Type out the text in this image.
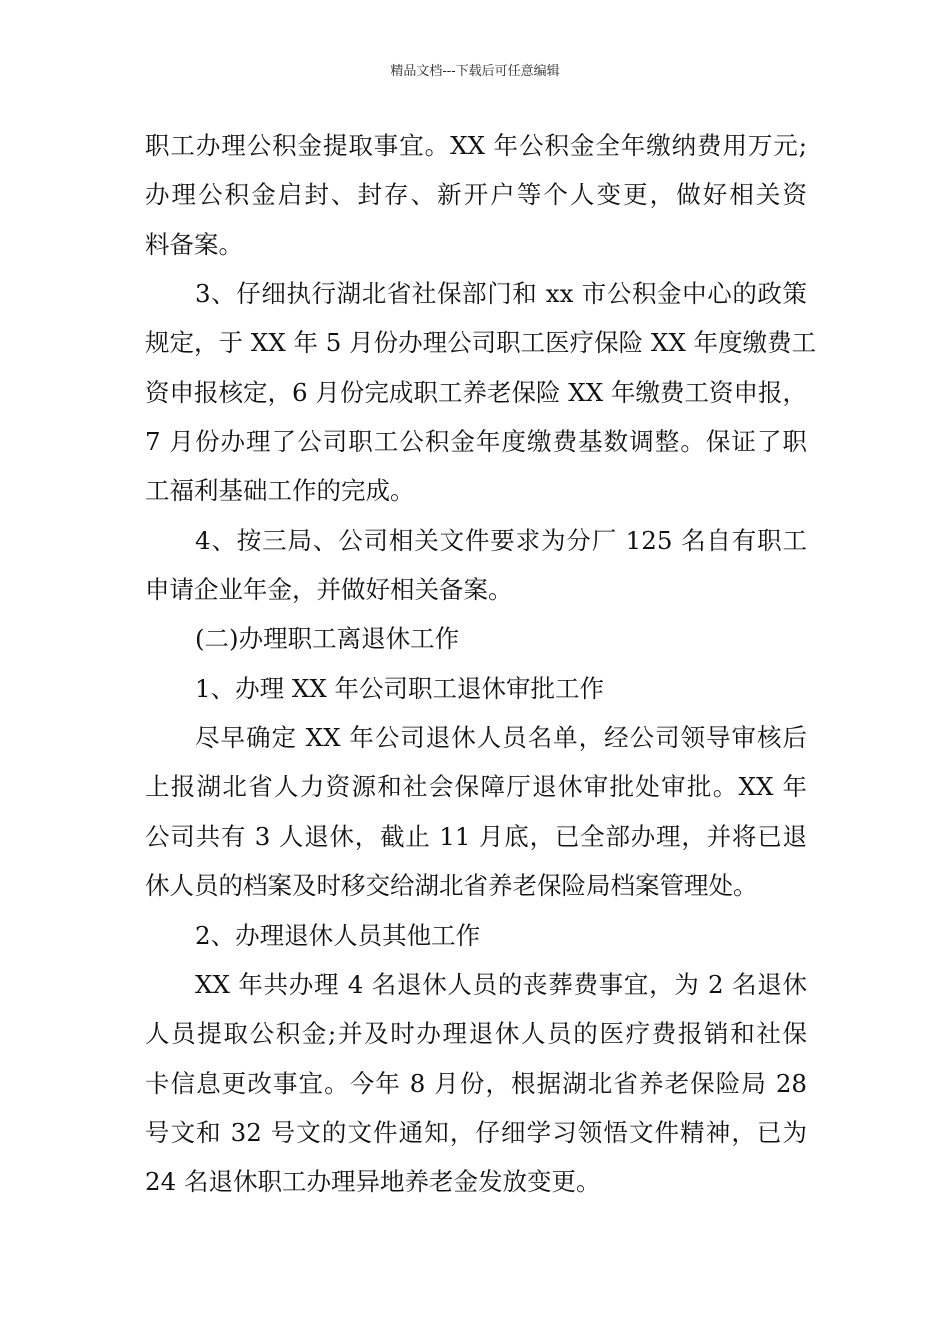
精品文档---下载后可任意编辑
职工办理公积金提取事宜。XX 年公积金全年缴纳费用万元;
办理公积金启封、封存、新开户等个人变更，做好相关资
料备案。
3、仔细执行湖北省社保部门和 xx 市公积金中心的政策
规定，于 XX 年 5 月份办理公司职工医疗保险 XX 年度缴费工
资申报核定，6 月份完成职工养老保险 XX 年缴费工资申报，
7 月份办理了公司职工公积金年度缴费基数调整。保证了职
工福利基础工作的完成。
4、按三局、公司相关文件要求为分厂 125 名自有职工
申请企业年金，并做好相关备案。
(二)办理职工离退休工作
1、办理 XX 年公司职工退休审批工作
尽早确定 XX 年公司退休人员名单，经公司领导审核后
上报湖北省人力资源和社会保障厅退休审批处审批。XX 年
公司共有 3 人退休，截止 11 月底，已全部办理，并将已退
休人员的档案及时移交给湖北省养老保险局档案管理处。
2、办理退休人员其他工作
XX 年共办理 4 名退休人员的丧葬费事宜，为 2 名退休
人员提取公积金;并及时办理退休人员的医疗费报销和社保
卡信息更改事宜。今年 8 月份，根据湖北省养老保险局 28
号文和 32 号文的文件通知，仔细学习领悟文件精神，已为
24 名退休职工办理异地养老金发放变更。
